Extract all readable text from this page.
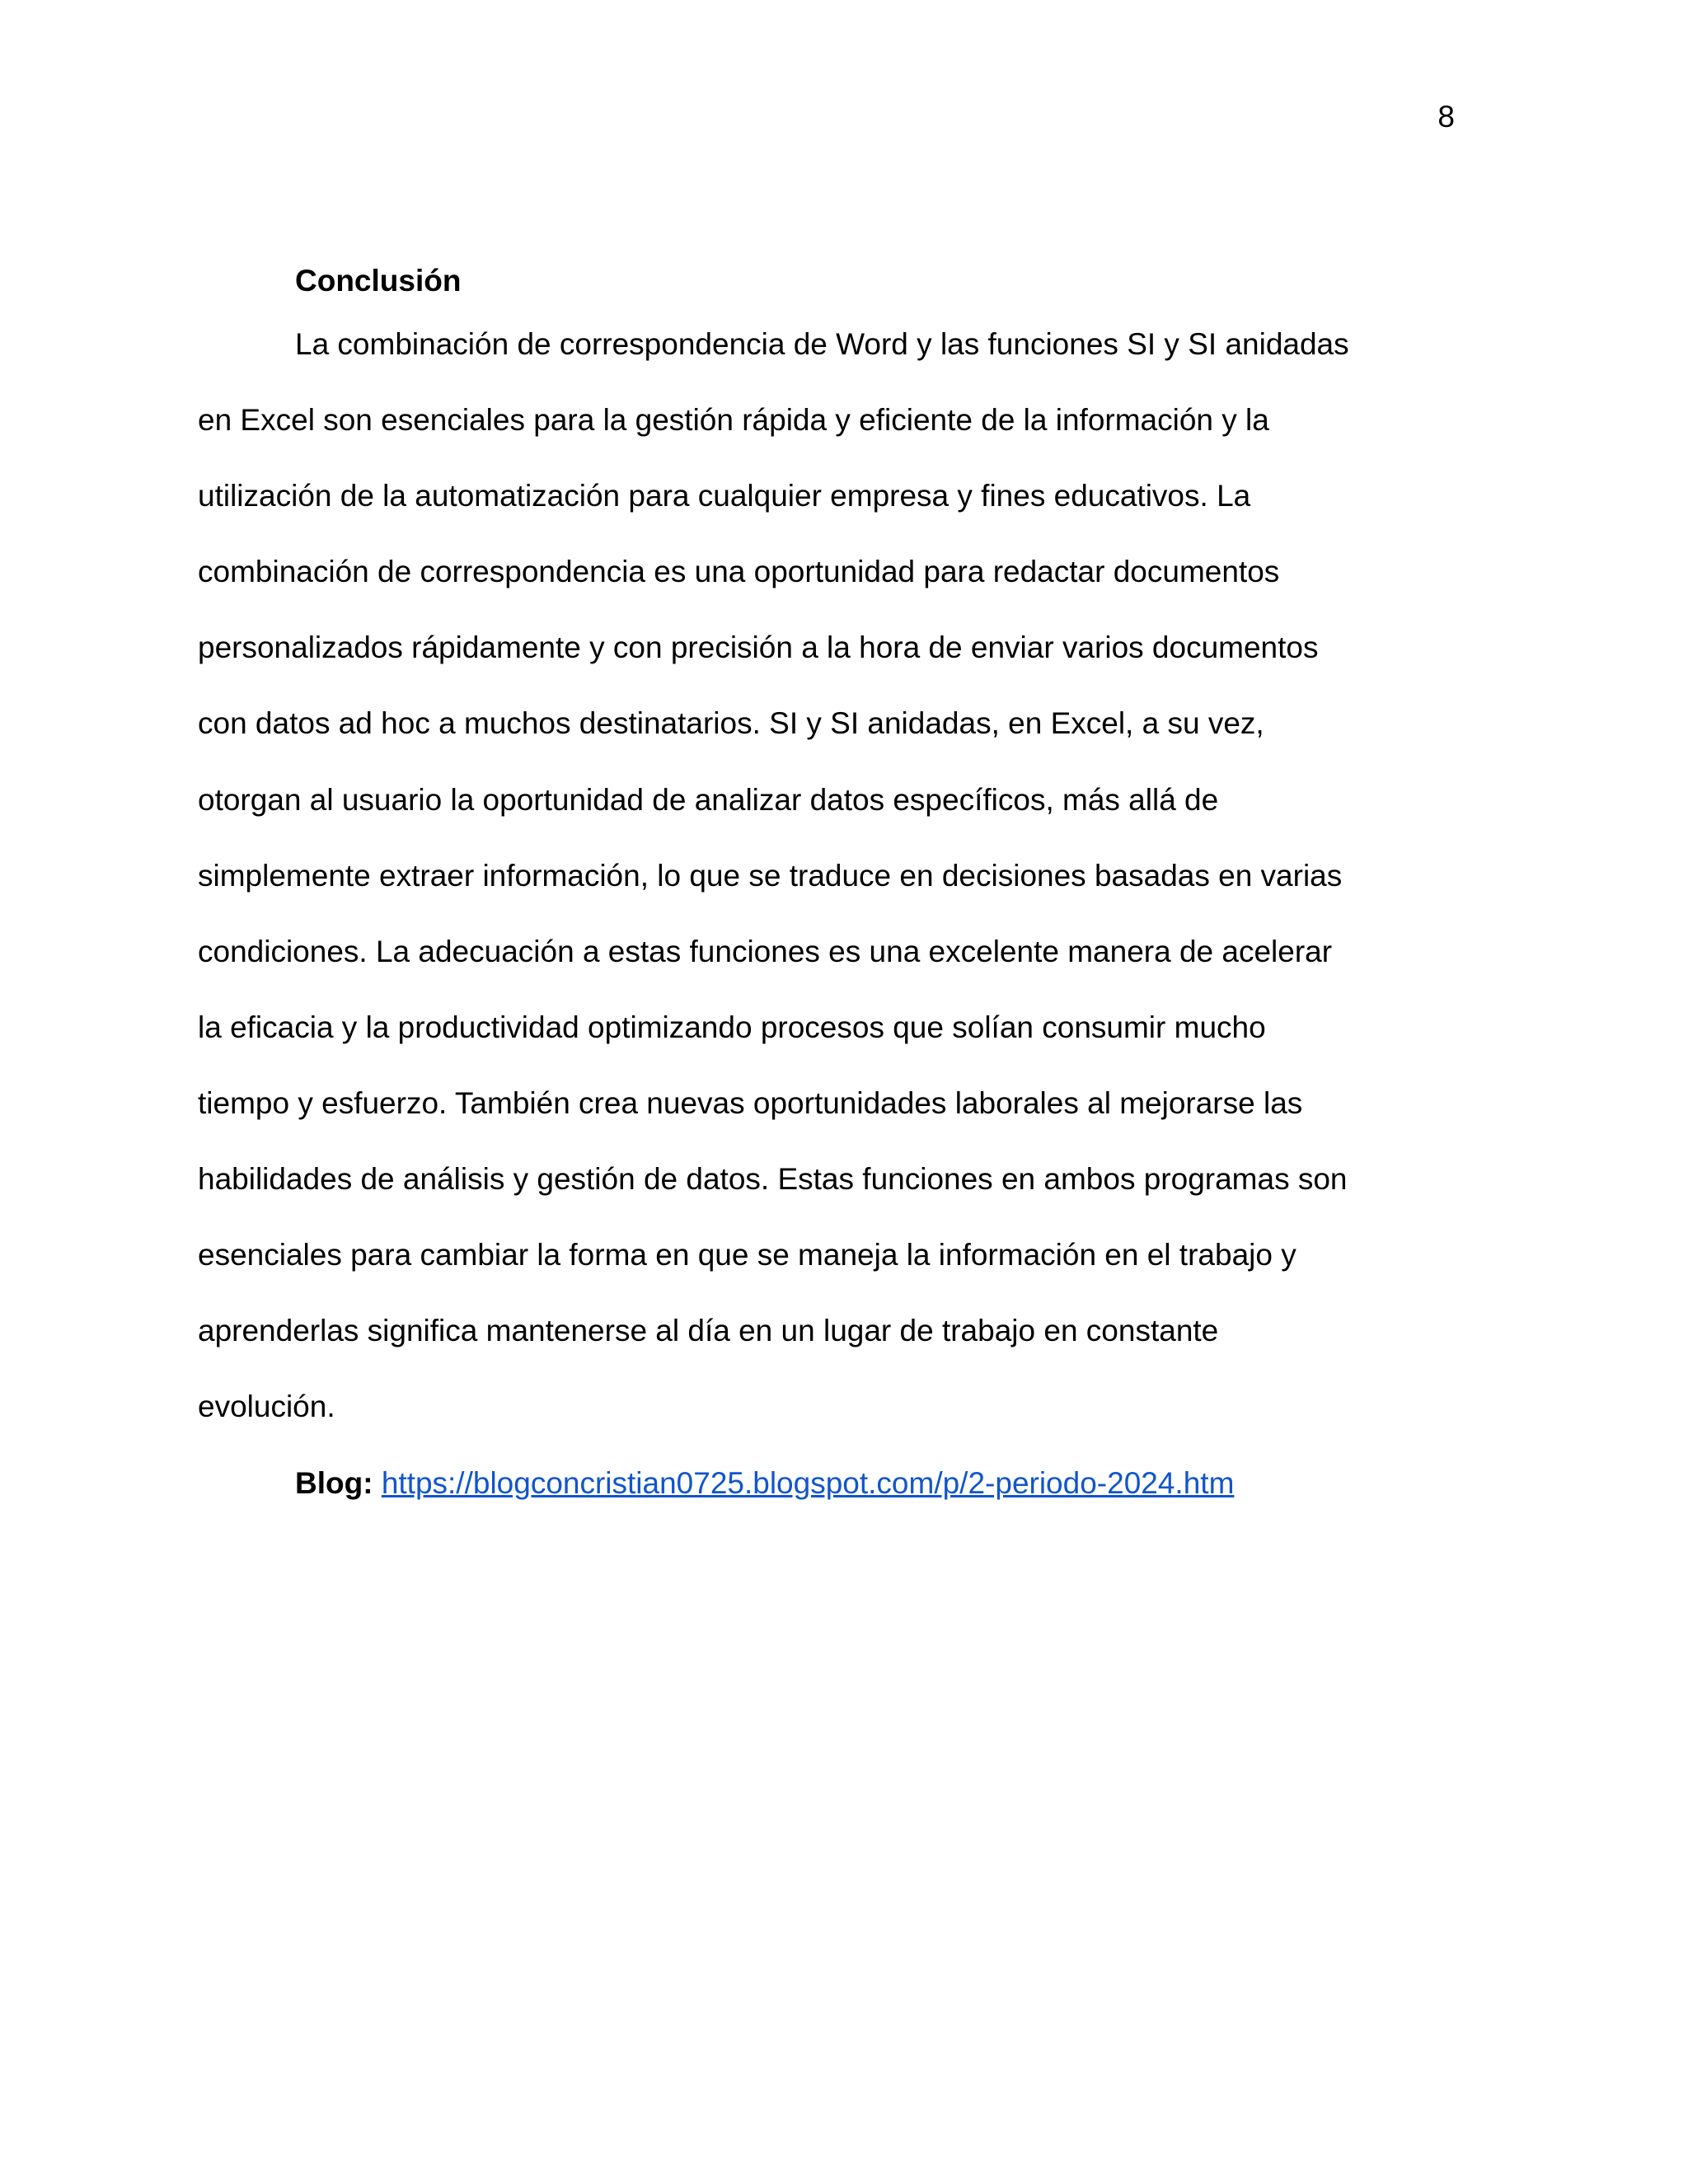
8
Conclusión

La combinación de correspondencia de Word y las funciones SI y SI anidadas
en Excel son esenciales para la gestión rápida y eficiente de la información y la
utilización de la automatización para cualquier empresa y fines educativos. La
combinación de correspondencia es una oportunidad para redactar documentos
personalizados rápidamente y con precisión a la hora de enviar varios documentos
con datos ad hoc a muchos destinatarios. SI y SI anidadas, en Excel, a su vez,
otorgan al usuario la oportunidad de analizar datos específicos, más allá de
simplemente extraer información, lo que se traduce en decisiones basadas en varias
condiciones. La adecuación a estas funciones es una excelente manera de acelerar
la eficacia y la productividad optimizando procesos que solían consumir mucho
tiempo y esfuerzo. También crea nuevas oportunidades laborales al mejorarse las
habilidades de análisis y gestión de datos. Estas funciones en ambos programas son
esenciales para cambiar la forma en que se maneja la información en el trabajo y
aprenderlas significa mantenerse al día en un lugar de trabajo en constante
evolución.

Blog: https://blogconcristian0725.blogspot.com/p/2-periodo-2024.htm
